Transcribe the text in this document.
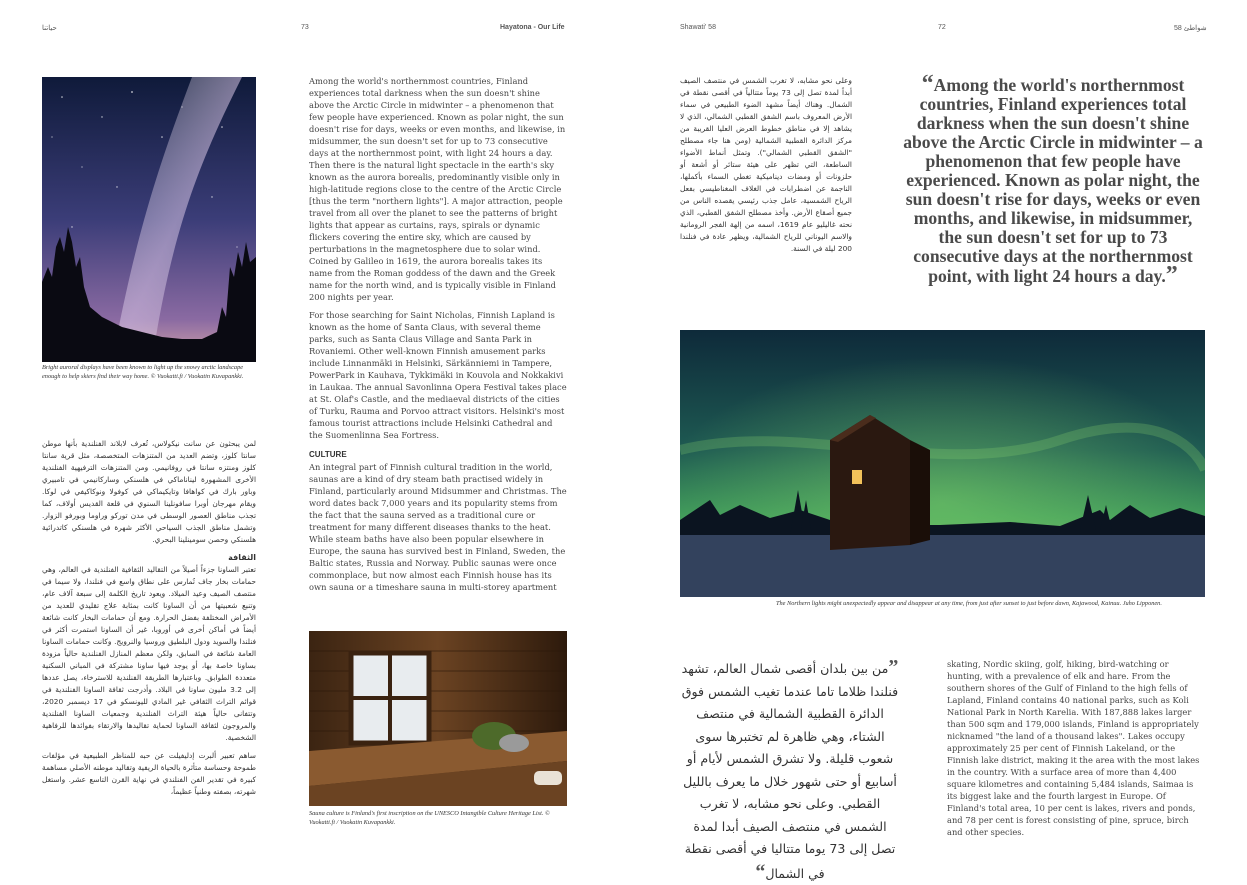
حياتنا	73	Hayatona - Our Life	Shawati' 58	72	شواطئ 58
Bright auroral displays have been known to light up the snowy arctic landscape enough to help skiers find their way home. © Vuokatti.fi / Vuokatin Kuvapankki.

Among the world's northernmost countries, Finland experiences total darkness when the sun doesn't shine above the Arctic Circle in midwinter – a phenomenon that few people have experienced. Known as polar night, the sun doesn't rise for days, weeks or even months, and likewise, in midsummer, the sun doesn't set for up to 73 consecutive days at the northernmost point, with light 24 hours a day. Then there is the natural light spectacle in the earth's sky known as the aurora borealis, predominantly visible only in high-latitude regions close to the centre of the Arctic Circle [thus the term "northern lights"]. A major attraction, people travel from all over the planet to see the patterns of bright lights that appear as curtains, rays, spirals or dynamic flickers covering the entire sky, which are caused by perturbations in the magnetosphere due to solar wind. Coined by Galileo in 1619, the aurora borealis takes its name from the Roman goddess of the dawn and the Greek name for the north wind, and is typically visible in Finland 200 nights per year.

For those searching for Saint Nicholas, Finnish Lapland is known as the home of Santa Claus, with several theme parks, such as Santa Claus Village and Santa Park in Rovaniemi. Other well-known Finnish amusement parks include Linnanmäki in Helsinki, Särkänniemi in Tampere, PowerPark in Kauhava, Tykkimäki in Kouvola and Nokkakivi in Laukaa. The annual Savonlinna Opera Festival takes place at St. Olaf's Castle, and the mediaeval districts of the cities of Turku, Rauma and Porvoo attract visitors. Helsinki's most famous tourist attractions include Helsinki Cathedral and the Suomenlinna Sea Fortress.

CULTURE

An integral part of Finnish cultural tradition in the world, saunas are a kind of dry steam bath practised widely in Finland, particularly around Midsummer and Christmas. The word dates back 7,000 years and its popularity stems from the fact that the sauna served as a traditional cure or treatment for many different diseases thanks to the heat. While steam baths have also been popular elsewhere in Europe, the sauna has survived best in Finland, Sweden, the Baltic states, Russia and Norway. Public saunas were once commonplace, but now almost each Finnish house has its own sauna or a timeshare sauna in multi-storey apartment

لمن يبحثون عن سانت نيكولاس، تُعرف لابلاند الفنلندية بأنها موطن سانتا كلوز، وتضم العديد من المتنزهات المتخصصة، مثل قرية سانتا كلوز ومنتزه سانتا في روفانيمي. ومن المتنزهات الترفيهية الفنلندية الأخرى المشهورة ليناناماكي في هلسنكي وساركانيمي في تامبيري وباور بارك في كواهافا وتايكيماكي في كوفولا ونوكاكيفي في لوكا. ويقام مهرجان أوبرا سافونلينا السنوي في قلعة القديس أولاف، كما تجذب مناطق العصور الوسطى في مدن توركو وراوما وبورفو الزوار. وتشمل مناطق الجذب السياحي الأكثر شهرة في هلسنكي كاتدرائية هلسنكي وحصن سومينلينا البحري.

الثقافة

تعتبر الساونا جزءاً أصيلاً من التقاليد الثقافية الفنلندية في العالم، وهي حمامات بخار جاف تُمارس على نطاق واسع في فنلندا، ولا سيما في منتصف الصيف وعيد الميلاد. ويعود تاريخ الكلمة إلى سبعة آلاف عام، وتنبع شعبيتها من أن الساونا كانت بمثابة علاج تقليدي للعديد من الأمراض المختلفة بفضل الحرارة. ومع أن حمامات البخار كانت شائعة أيضاً في أماكن أخرى في أوروبا، غير أن الساونا استمرت أكثر في فنلندا والسويد ودول البلطيق وروسيا والنرويج. وكانت حمامات الساونا العامة شائعة في السابق، ولكن معظم المنازل الفنلندية حالياً مزودة بساونا خاصة بها، أو يوجد فيها ساونا مشتركة في المباني السكنية متعددة الطوابق. وباعتبارها الطريقة الفنلندية للاسترخاء، يصل عددها إلى 3.2 مليون ساونا في البلاد. وأدرجت ثقافة الساونا الفنلندية في قوائم التراث الثقافي غير المادي لليونسكو في 17 ديسمبر 2020، وتتفانى حالياً هيئة التراث الفنلندية وجمعيات الساونا الفنلندية والمروجون لثقافة الساونا لحماية تقاليدها والارتقاء بفوائدها للرفاهية الشخصية.

ساهم تعبير ألبرت إدليفيلت عن حبه للمناظر الطبيعية في مؤلفات طموحة وحساسة متأثرة بالحياة الريفية وتقاليد موطنه الأصلي مساهمة كبيرة في تقدير الفن الفنلندي في نهاية القرن التاسع عشر. واستغل شهرته، بصفته وطنياً عظيماً،

Sauna culture is Finland's first inscription on the UNESCO Intangible Culture Heritage List. © Vuokatti.fi / Vuokatin Kuvapankki.
وعلى نحو مشابه، لا تغرب الشمس في منتصف الصيف أبداً لمدة تصل إلى 73 يوماً متتالياً في أقصى نقطة في الشمال. وهناك أيضاً مشهد الضوء الطبيعي في سماء الأرض المعروف باسم الشفق القطبي الشمالي، الذي لا يشاهد إلا في مناطق خطوط العرض العليا القريبة من مركز الدائرة القطبية الشمالية (ومن هنا جاء مصطلح "الشفق القطبي الشمالي"). وتمثل أنماط الأضواء الساطعة، التي تظهر على هيئة ستائر أو أشعة أو حلزونات أو ومضات ديناميكية تغطي السماء بأكملها، الناجمة عن اضطرابات في الغلاف المغناطيسي بفعل الرياح الشمسية، عامل جذب رئيسي يقصده الناس من جميع أصقاع الأرض. وأخذ مصطلح الشفق القطبي، الذي نحته غاليليو عام 1619، اسمه من إلهة الفجر الرومانية والاسم اليوناني للرياح الشمالية، ويظهر عادة في فنلندا 200 ليلة في السنة.
“Among the world's northernmost countries, Finland experiences total darkness when the sun doesn't shine above the Arctic Circle in midwinter – a phenomenon that few people have experienced. Known as polar night, the sun doesn't rise for days, weeks or even months, and likewise, in midsummer, the sun doesn't set for up to 73 consecutive days at the northernmost point, with light 24 hours a day.”
The Northern lights might unexpectedly appear and disappear at any time, from just after sunset to just before dawn, Kajawood, Kainuu. Juho Lipponen.
”من بين بلدان أقصى شمال العالم، تشهد فنلندا ظلاما تاما عندما تغيب الشمس فوق الدائرة القطبية الشمالية في منتصف الشتاء، وهي ظاهرة لم تختبرها سوى شعوب قليلة. ولا تشرق الشمس لأيام أو أسابيع أو حتى شهور خلال ما يعرف بالليل القطبي. وعلى نحو مشابه، لا تغرب الشمس في منتصف الصيف أبدا لمدة تصل إلى 73 يوما متتاليا في أقصى نقطة في الشمال“
skating, Nordic skiing, golf, hiking, bird-watching or hunting, with a prevalence of elk and hare. From the southern shores of the Gulf of Finland to the high fells of Lapland, Finland contains 40 national parks, such as Koli National Park in North Karelia. With 187,888 lakes larger than 500 sqm and 179,000 islands, Finland is appropriately nicknamed "the land of a thousand lakes". Lakes occupy approximately 25 per cent of Finnish Lakeland, or the Finnish lake district, making it the area with the most lakes in the country. With a surface area of more than 4,400 square kilometres and containing 5,484 islands, Saimaa is its biggest lake and the fourth largest in Europe. Of Finland's total area, 10 per cent is lakes, rivers and ponds, and 78 per cent is forest consisting of pine, spruce, birch and other species.
